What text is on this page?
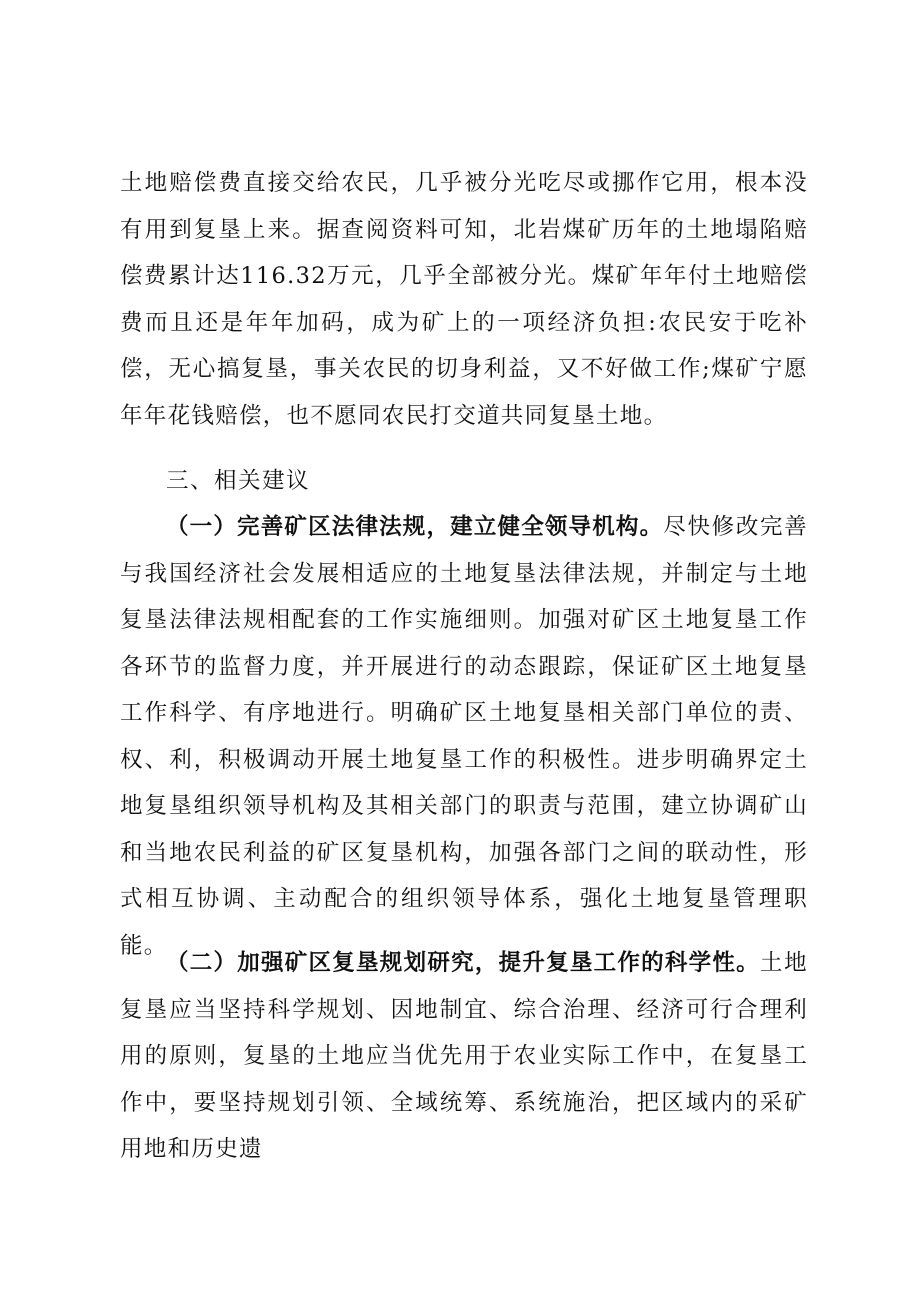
土地赔偿费直接交给农民，几乎被分光吃尽或挪作它用，根本没有用到复垦上来。据查阅资料可知，北岩煤矿历年的土地塌陷赔偿费累计达116.32万元，几乎全部被分光。煤矿年年付土地赔偿费而且还是年年加码，成为矿上的一项经济负担:农民安于吃补偿，无心搞复垦，事关农民的切身利益，又不好做工作;煤矿宁愿年年花钱赔偿，也不愿同农民打交道共同复垦土地。

三、相关建议

（一）完善矿区法律法规，建立健全领导机构。尽快修改完善与我国经济社会发展相适应的土地复垦法律法规，并制定与土地复垦法律法规相配套的工作实施细则。加强对矿区土地复垦工作各环节的监督力度，并开展进行的动态跟踪，保证矿区土地复垦工作科学、有序地进行。明确矿区土地复垦相关部门单位的责、权、利，积极调动开展土地复垦工作的积极性。进步明确界定土地复垦组织领导机构及其相关部门的职责与范围，建立协调矿山和当地农民利益的矿区复垦机构，加强各部门之间的联动性，形式相互协调、主动配合的组织领导体系，强化土地复垦管理职能。

（二）加强矿区复垦规划研究，提升复垦工作的科学性。土地复垦应当坚持科学规划、因地制宜、综合治理、经济可行合理利用的原则，复垦的土地应当优先用于农业实际工作中，在复垦工作中，要坚持规划引领、全域统筹、系统施治，把区域内的采矿用地和历史遗
